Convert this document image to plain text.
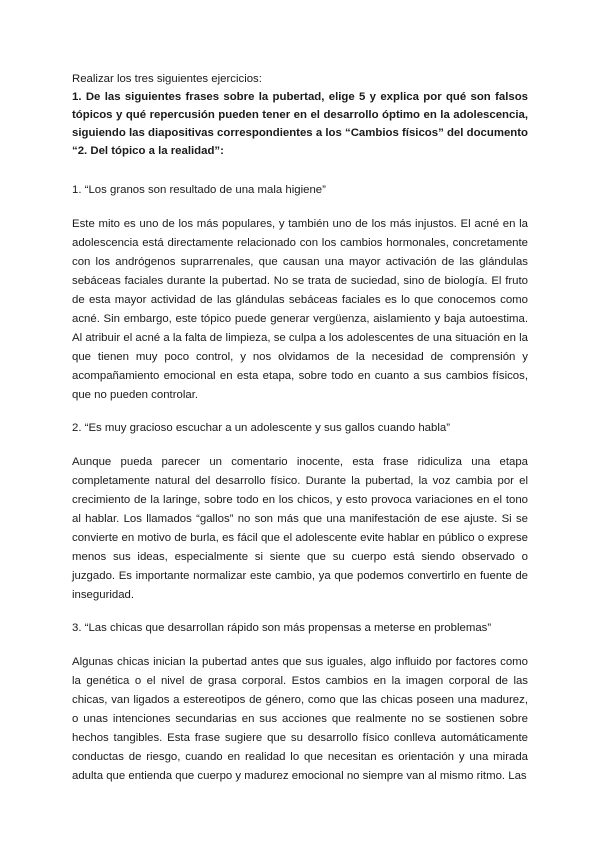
Realizar los tres siguientes ejercicios:

1. De las siguientes frases sobre la pubertad, elige 5 y explica por qué son falsos tópicos y qué repercusión pueden tener en el desarrollo óptimo en la adolescencia, siguiendo las diapositivas correspondientes a los “Cambios físicos” del documento “2. Del tópico a la realidad”:

1. “Los granos son resultado de una mala higiene”

Este mito es uno de los más populares, y también uno de los más injustos. El acné en la adolescencia está directamente relacionado con los cambios hormonales, concretamente con los andrógenos suprarrenales, que causan una mayor activación de las glándulas sebáceas faciales durante la pubertad. No se trata de suciedad, sino de biología. El fruto de esta mayor actividad de las glándulas sebáceas faciales es lo que conocemos como acné. Sin embargo, este tópico puede generar vergüenza, aislamiento y baja autoestima. Al atribuir el acné a la falta de limpieza, se culpa a los adolescentes de una situación en la que tienen muy poco control, y nos olvidamos de la necesidad de comprensión y acompañamiento emocional en esta etapa, sobre todo en cuanto a sus cambios físicos, que no pueden controlar.

2. “Es muy gracioso escuchar a un adolescente y sus gallos cuando habla”

Aunque pueda parecer un comentario inocente, esta frase ridiculiza una etapa completamente natural del desarrollo físico. Durante la pubertad, la voz cambia por el crecimiento de la laringe, sobre todo en los chicos, y esto provoca variaciones en el tono al hablar. Los llamados “gallos” no son más que una manifestación de ese ajuste. Si se convierte en motivo de burla, es fácil que el adolescente evite hablar en público o exprese menos sus ideas, especialmente si siente que su cuerpo está siendo observado o juzgado. Es importante normalizar este cambio, ya que podemos convertirlo en fuente de inseguridad.

3. “Las chicas que desarrollan rápido son más propensas a meterse en problemas”

Algunas chicas inician la pubertad antes que sus iguales, algo influido por factores como la genética o el nivel de grasa corporal. Estos cambios en la imagen corporal de las chicas, van ligados a estereotipos de género, como que las chicas poseen una madurez, o unas intenciones secundarias en sus acciones que realmente no se sostienen sobre hechos tangibles. Esta frase sugiere que su desarrollo físico conlleva automáticamente conductas de riesgo, cuando en realidad lo que necesitan es orientación y una mirada adulta que entienda que cuerpo y madurez emocional no siempre van al mismo ritmo. Las
